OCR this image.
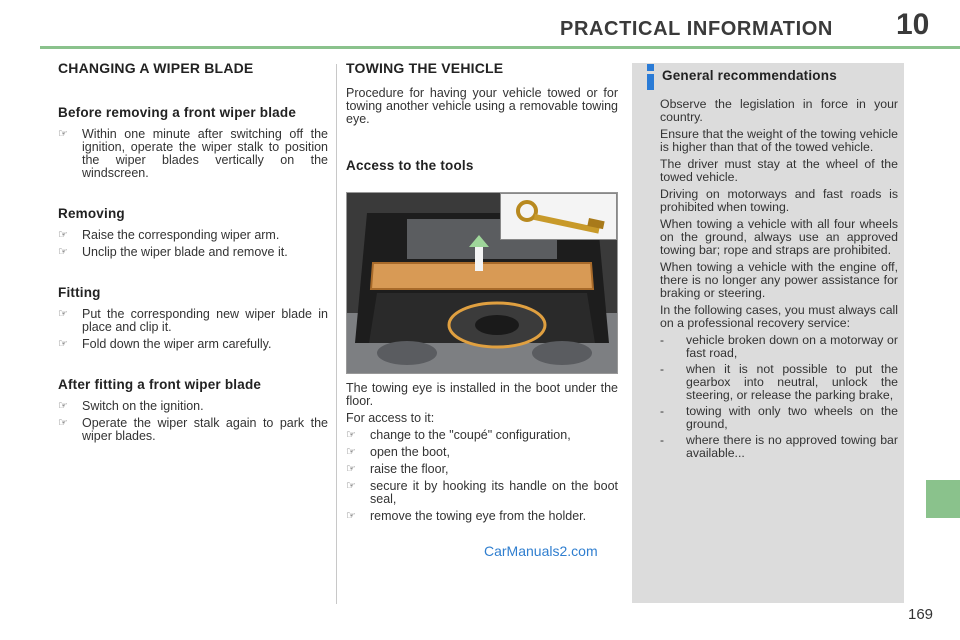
PRACTICAL INFORMATION	10
CHANGING A WIPER BLADE
Before removing a front wiper blade
☞ Within one minute after switching off the ignition, operate the wiper stalk to position the wiper blades vertically on the windscreen.
Removing
☞ Raise the corresponding wiper arm.
☞ Unclip the wiper blade and remove it.
Fitting
☞ Put the corresponding new wiper blade in place and clip it.
☞ Fold down the wiper arm carefully.
After fitting a front wiper blade
☞ Switch on the ignition.
☞ Operate the wiper stalk again to park the wiper blades.
TOWING THE VEHICLE

Procedure for having your vehicle towed or for towing another vehicle using a removable towing eye.

Access to the tools

The towing eye is installed in the boot under the floor.

For access to it:

☞ change to the "coupé" configuration,
☞ open the boot,
☞ raise the floor,
☞ secure it by hooking its handle on the boot seal,
☞ remove the towing eye from the holder.
General recommendations

Observe the legislation in force in your country.

Ensure that the weight of the towing vehicle is higher than that of the towed vehicle.

The driver must stay at the wheel of the towed vehicle.

Driving on motorways and fast roads is prohibited when towing.

When towing a vehicle with all four wheels on the ground, always use an approved towing bar; rope and straps are prohibited.

When towing a vehicle with the engine off, there is no longer any power assistance for braking or steering.

In the following cases, you must always call on a professional recovery service:

- vehicle broken down on a motorway or fast road,
- when it is not possible to put the gearbox into neutral, unlock the steering, or release the parking brake,
- towing with only two wheels on the ground,
- where there is no approved towing bar available...
CarManuals2.com
169
